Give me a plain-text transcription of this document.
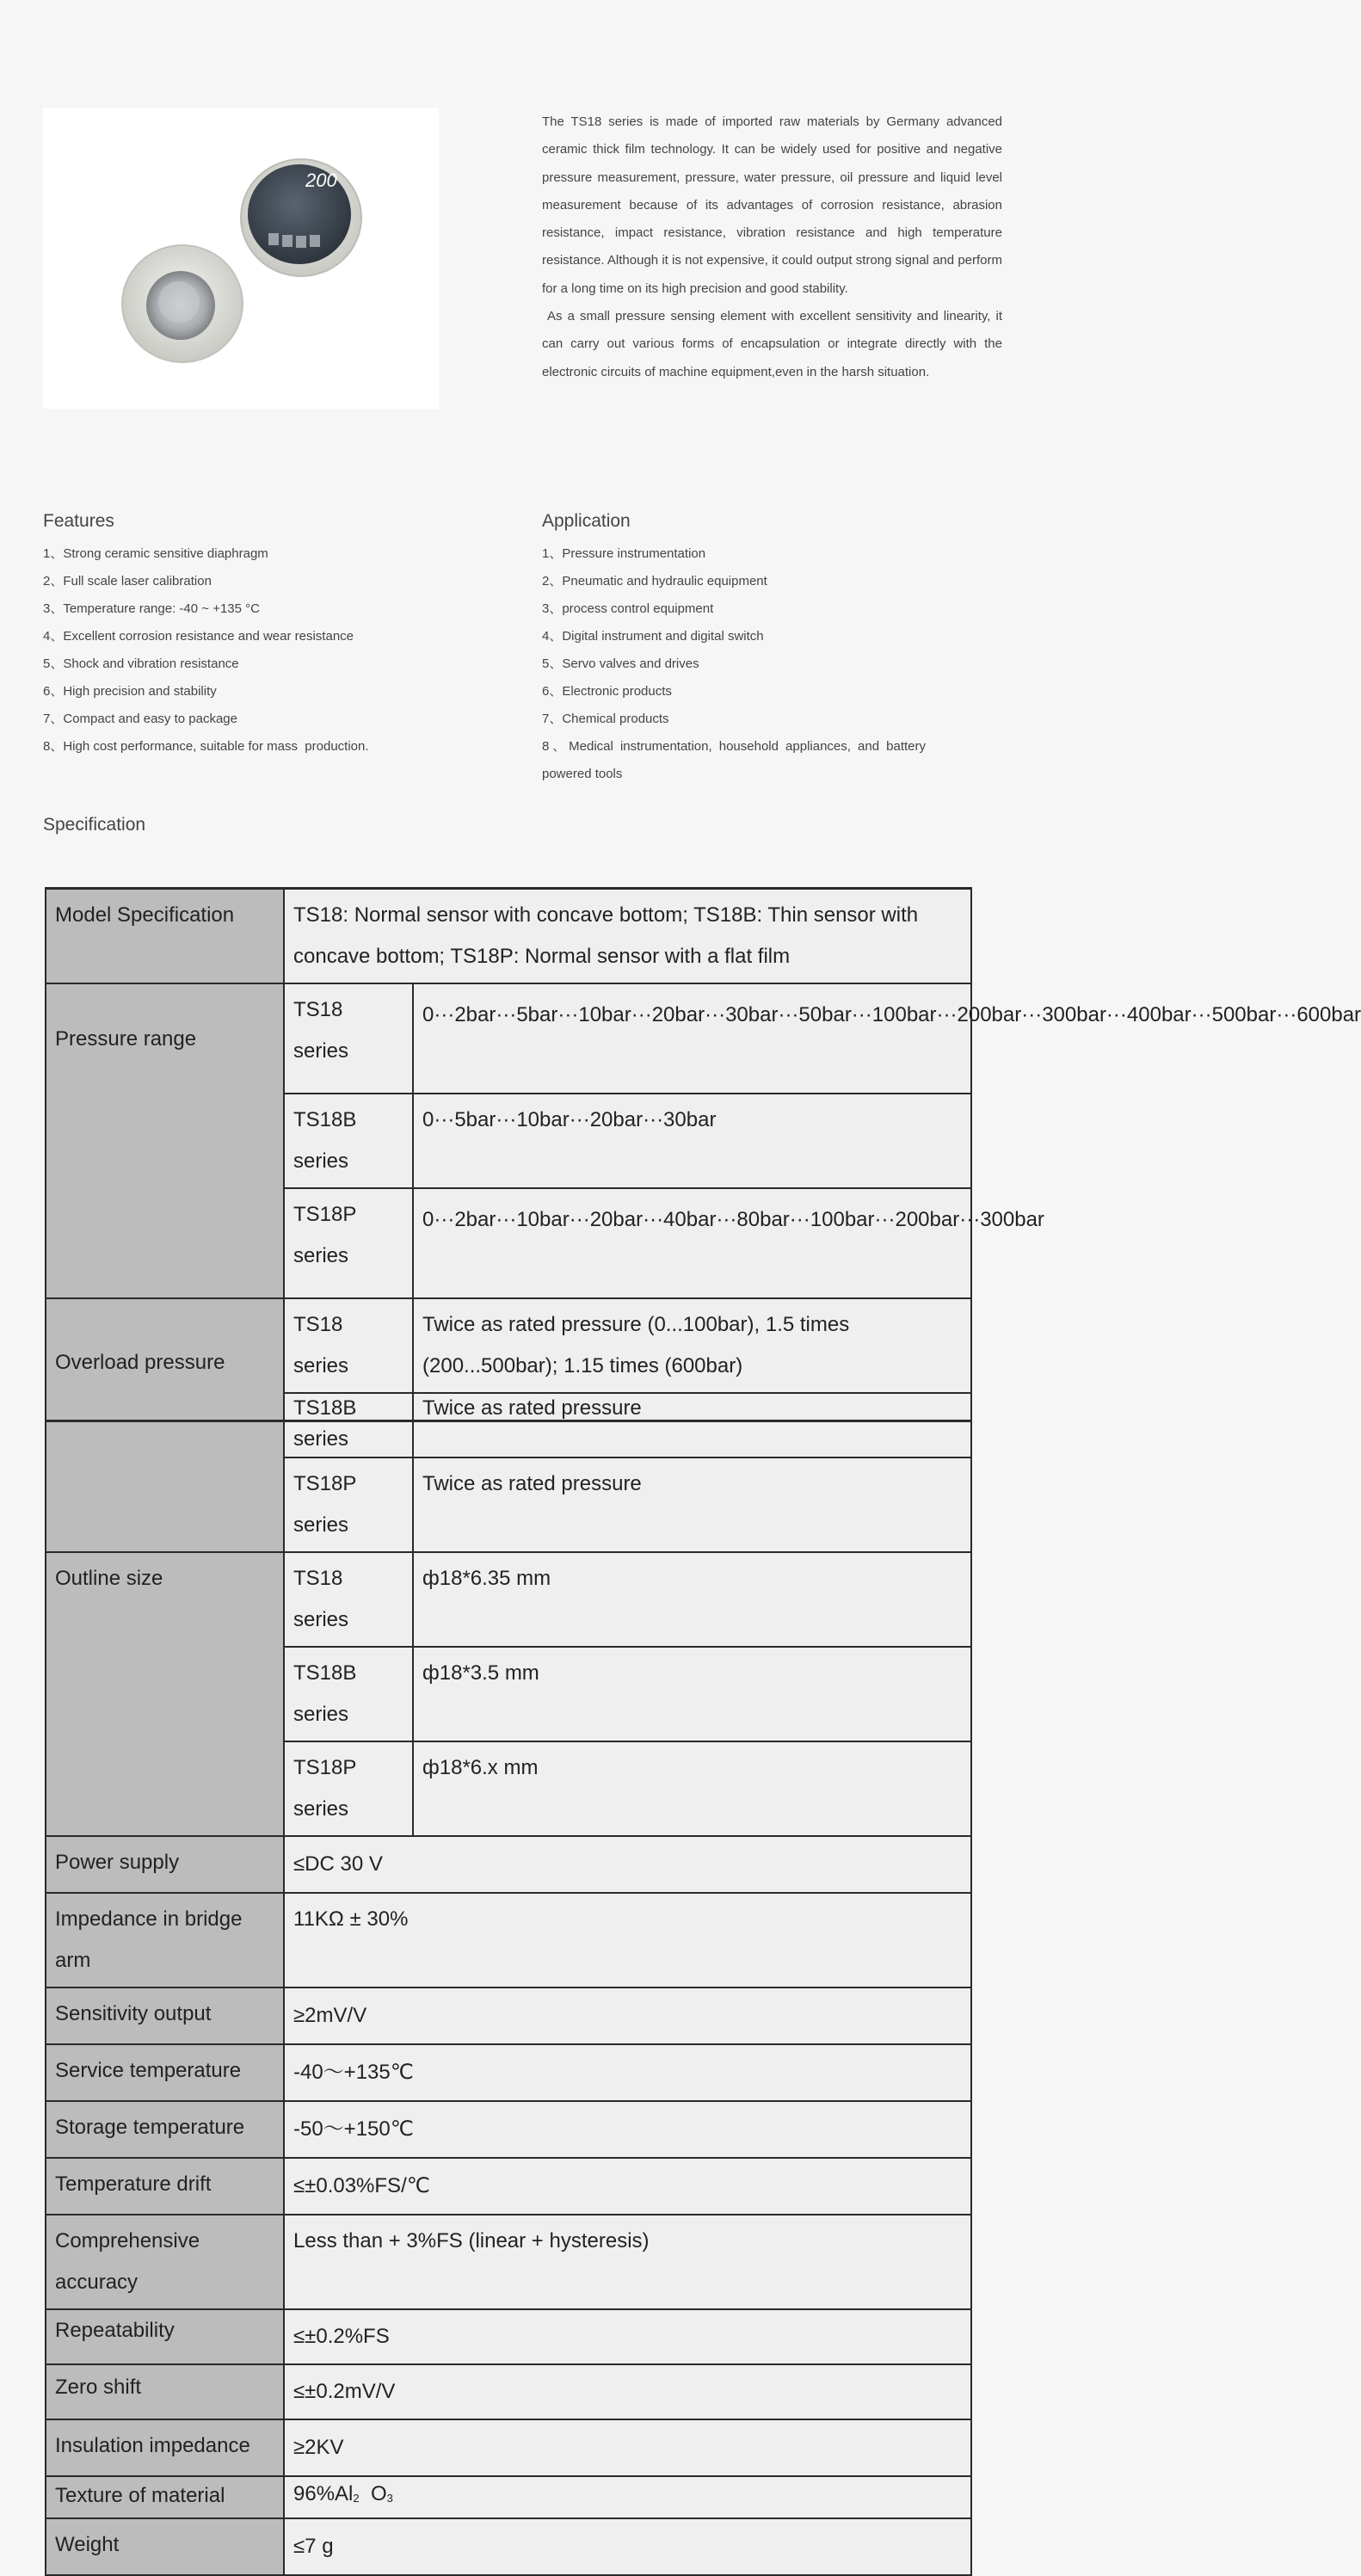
200

The TS18 series is made of imported raw materials by Germany advanced ceramic thick film technology. It can be widely used for positive and negative pressure measurement, pressure, water pressure, oil pressure and liquid level measurement because of its advantages of corrosion resistance, abrasion resistance, impact resistance, vibration resistance and high temperature resistance. Although it is not expensive, it could output strong signal and perform for a long time on its high precision and good stability.

As a small pressure sensing element with excellent sensitivity and linearity, it can carry out various forms of encapsulation or integrate directly with the electronic circuits of machine equipment,even in the harsh situation.

Features
1、Strong ceramic sensitive diaphragm
2、Full scale laser calibration
3、Temperature range: -40 ~ +135 °C
4、Excellent corrosion resistance and wear resistance
5、Shock and vibration resistance
6、High precision and stability
7、Compact and easy to package
8、High cost performance, suitable for mass  production.
Application
1、Pressure instrumentation
2、Pneumatic and hydraulic equipment
3、process control equipment
4、Digital instrument and digital switch
5、Servo valves and drives
6、Electronic products
7、Chemical products
8、Medical instrumentation, household appliances, and battery powered tools
Specification
Model Specification	TS18: Normal sensor with concave bottom; TS18B: Thin sensor with concave bottom; TS18P: Normal sensor with a flat film	
Pressure range	TS18 series	0···2bar···5bar···10bar···20bar···30bar···50bar···100bar···200bar···300bar···400bar···500bar···600bar
	TS18B series	0···5bar···10bar···20bar···30bar
	TS18P series	0···2bar···10bar···20bar···40bar···80bar···100bar···200bar···300bar
Overload pressure	TS18 series	Twice as rated pressure (0...100bar), 1.5 times (200...500bar); 1.15 times (600bar)
	TS18B	Twice as rated pressure
	series	
	TS18P series	Twice as rated pressure
Outline size	TS18 series	ф18*6.35 mm
	TS18B series	ф18*3.5 mm
	TS18P series	ф18*6.x mm
Power supply	≤DC 30 V	
Impedance in bridge arm	11KΩ ± 30%	
Sensitivity output	≥2mV/V	
Service temperature	-40～+135℃	
Storage temperature	-50～+150℃	
Temperature drift	≤±0.03%FS/℃	
Comprehensive accuracy	Less than + 3%FS (linear + hysteresis)	
Repeatability	≤±0.2%FS	
Zero shift	≤±0.2mV/V	
Insulation impedance	≥2KV	
Texture of material	$96\%Al_2$ $O_3$
Weight	≤7 g	
